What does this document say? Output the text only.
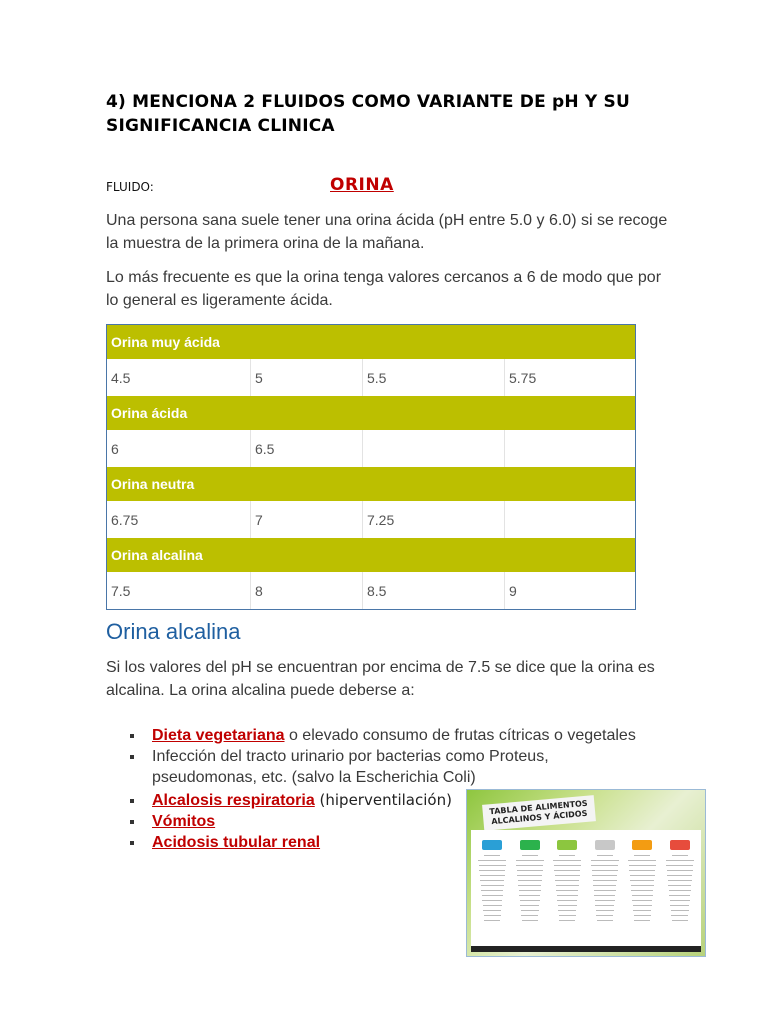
4) MENCIONA 2 FLUIDOS COMO VARIANTE DE pH Y SU
SIGNIFICANCIA CLINICA
FLUIDO:	ORINA
Una persona sana suele tener una orina ácida (pH entre 5.0 y 6.0) si se recoge la muestra de la primera orina de la mañana.
Lo más frecuente es que la orina tenga valores cercanos a 6 de modo que por lo general es ligeramente ácida.
Orina muy ácida			
4.5	5	5.5	5.75
Orina ácida			
6	6.5		
Orina neutra			
6.75	7	7.25	
Orina alcalina			
7.5	8	8.5	9
Orina alcalina
Si los valores del pH se encuentran por encima de 7.5 se dice que la orina es alcalina. La orina alcalina puede deberse a:
Dieta vegetariana o elevado consumo de frutas cítricas o vegetales
Infección del tracto urinario por bacterias como Proteus, pseudomonas, etc. (salvo la Escherichia Coli)
Alcalosis respiratoria (hiperventilación)
Vómitos
Acidosis tubular renal
TABLA DE ALIMENTOS ALCALINOS Y ÁCIDOS
